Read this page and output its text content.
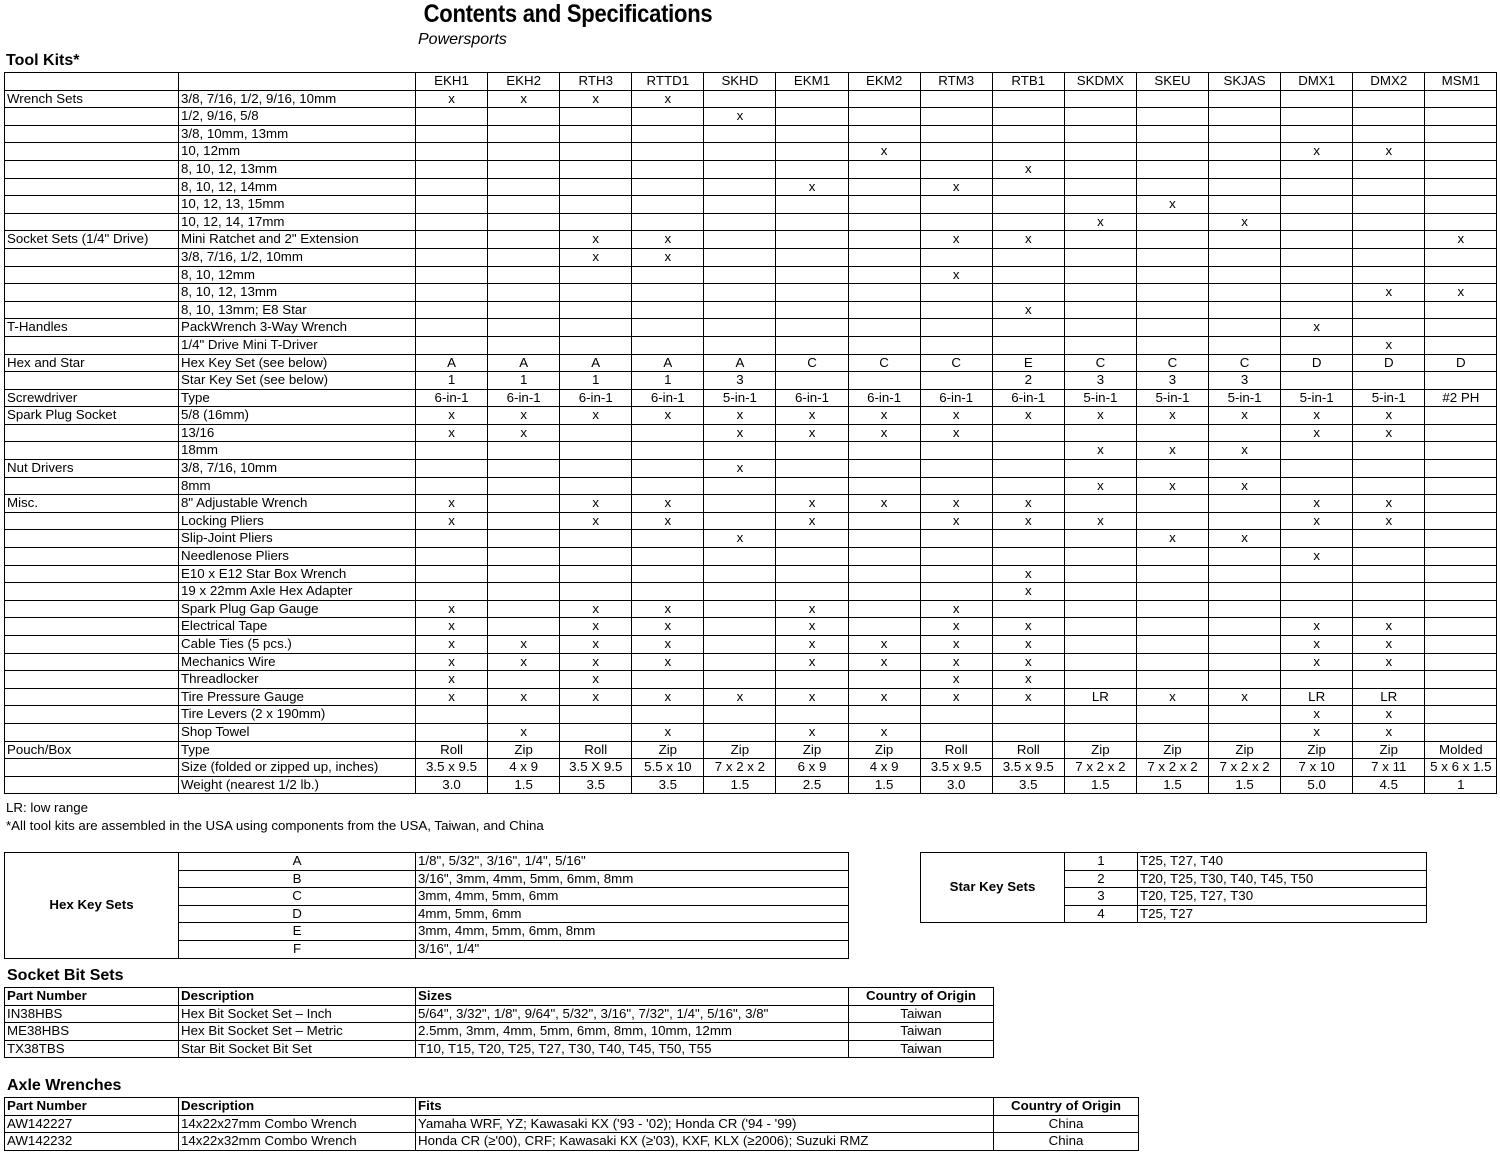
Contents and Specifications
Powersports
Tool Kits*
		EKH1	EKH2	RTH3	RTTD1	SKHD	EKM1	EKM2	RTM3	RTB1	SKDMX	SKEU	SKJAS	DMX1	DMX2	MSM1
Wrench Sets	3/8, 7/16, 1/2, 9/16, 10mm	x	x	x	x											
	1/2, 9/16, 5/8					x										
	3/8, 10mm, 13mm															
	10, 12mm							x						x	x	
	8, 10, 12, 13mm									x						
	8, 10, 12, 14mm						x		x							
	10, 12, 13, 15mm											x				
	10, 12, 14, 17mm										x		x			
Socket Sets (1/4" Drive)	Mini Ratchet and 2" Extension			x	x				x	x						x
	3/8, 7/16, 1/2, 10mm			x	x											
	8, 10, 12mm								x							
	8, 10, 12, 13mm														x	x
	8, 10, 13mm; E8 Star									x						
T-Handles	PackWrench 3-Way Wrench													x		
	1/4" Drive Mini T-Driver														x	
Hex and Star	Hex Key Set (see below)	A	A	A	A	A	C	C	C	E	C	C	C	D	D	D
	Star Key Set (see below)	1	1	1	1	3				2	3	3	3			
Screwdriver	Type	6-in-1	6-in-1	6-in-1	6-in-1	5-in-1	6-in-1	6-in-1	6-in-1	6-in-1	5-in-1	5-in-1	5-in-1	5-in-1	5-in-1	#2 PH
Spark Plug Socket	5/8 (16mm)	x	x	x	x	x	x	x	x	x	x	x	x	x	x	
	13/16	x	x			x	x	x	x					x	x	
	18mm										x	x	x			
Nut Drivers	3/8, 7/16, 10mm					x										
	8mm										x	x	x			
Misc.	8" Adjustable Wrench	x		x	x		x	x	x	x				x	x	
	Locking Pliers	x		x	x		x		x	x	x			x	x	
	Slip-Joint Pliers					x						x	x			
	Needlenose Pliers													x		
	E10 x E12 Star Box Wrench									x						
	19 x 22mm Axle Hex Adapter									x						
	Spark Plug Gap Gauge	x		x	x		x		x							
	Electrical Tape	x		x	x		x		x	x				x	x	
	Cable Ties (5 pcs.)	x	x	x	x		x	x	x	x				x	x	
	Mechanics Wire	x	x	x	x		x	x	x	x				x	x	
	Threadlocker	x		x					x	x						
	Tire Pressure Gauge	x	x	x	x	x	x	x	x	x	LR	x	x	LR	LR	
	Tire Levers (2 x 190mm)													x	x	
	Shop Towel		x		x		x	x						x	x	
Pouch/Box	Type	Roll	Zip	Roll	Zip	Zip	Zip	Zip	Roll	Roll	Zip	Zip	Zip	Zip	Zip	Molded
	Size (folded or zipped up, inches)	3.5 x 9.5	4 x 9	3.5 X 9.5	5.5 x 10	7 x 2 x 2	6 x 9	4 x 9	3.5 x 9.5	3.5 x 9.5	7 x 2 x 2	7 x 2 x 2	7 x 2 x 2	7 x 10	7 x 11	5 x 6 x 1.5
	Weight (nearest 1/2 lb.)	3.0	1.5	3.5	3.5	1.5	2.5	1.5	3.0	3.5	1.5	1.5	1.5	5.0	4.5	1
LR: low range
*All tool kits are assembled in the USA using components from the USA, Taiwan, and China
Hex Key Sets	A	1/8", 5/32", 3/16", 1/4", 5/16"
	B	3/16", 3mm, 4mm, 5mm, 6mm, 8mm
	C	3mm, 4mm, 5mm, 6mm
	D	4mm, 5mm, 6mm
	E	3mm, 4mm, 5mm, 6mm, 8mm
	F	3/16", 1/4"
Star Key Sets	1	T25, T27, T40
	2	T20, T25, T30, T40, T45, T50
	3	T20, T25, T27, T30
	4	T25, T27
Socket Bit Sets
Part Number	Description	Sizes	Country of Origin
IN38HBS	Hex Bit Socket Set – Inch	5/64", 3/32", 1/8", 9/64", 5/32", 3/16", 7/32", 1/4", 5/16", 3/8"	Taiwan
ME38HBS	Hex Bit Socket Set – Metric	2.5mm, 3mm, 4mm, 5mm, 6mm, 8mm, 10mm, 12mm	Taiwan
TX38TBS	Star Bit Socket Bit Set	T10, T15, T20, T25, T27, T30, T40, T45, T50, T55	Taiwan
Axle Wrenches
Part Number	Description	Fits	Country of Origin
AW142227	14x22x27mm Combo Wrench	Yamaha WRF, YZ; Kawasaki KX ('93 - '02); Honda CR ('94 - '99)	China
AW142232	14x22x32mm Combo Wrench	Honda CR (≥'00), CRF; Kawasaki KX (≥'03), KXF, KLX (≥2006); Suzuki RMZ	China
